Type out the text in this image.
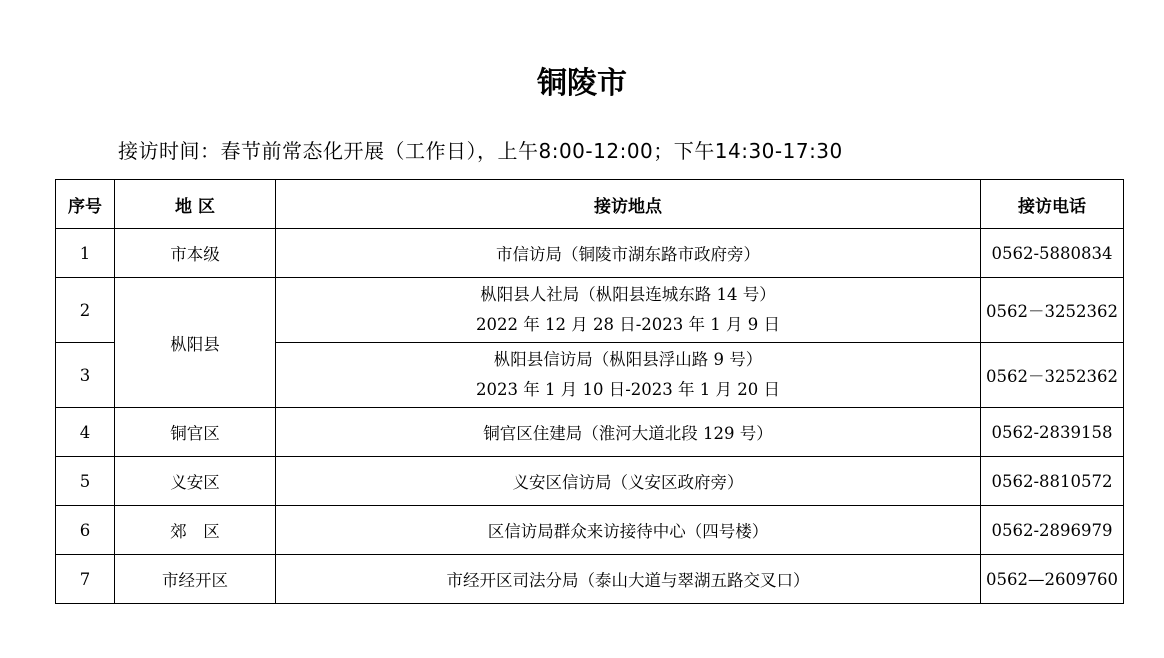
铜陵市
接访时间：春节前常态化开展（工作日），上午8:00-12:00；下午14:30-17:30
序号	地 区	接访地点	接访电话
1	市本级	市信访局（铜陵市湖东路市政府旁）	0562-5880834
2	枞阳县	枞阳县人社局（枞阳县连城东路 14 号）
2022 年 12 月 28 日-2023 年 1 月 9 日	0562－3252362
3		枞阳县信访局（枞阳县浮山路 9 号）
2023 年 1 月 10 日-2023 年 1 月 20 日	0562－3252362
4	铜官区	铜官区住建局（淮河大道北段 129 号）	0562-2839158
5	义安区	义安区信访局（义安区政府旁）	0562-8810572
6	郊　区	区信访局群众来访接待中心（四号楼）	0562-2896979
7	市经开区	市经开区司法分局（泰山大道与翠湖五路交叉口）	0562—2609760
